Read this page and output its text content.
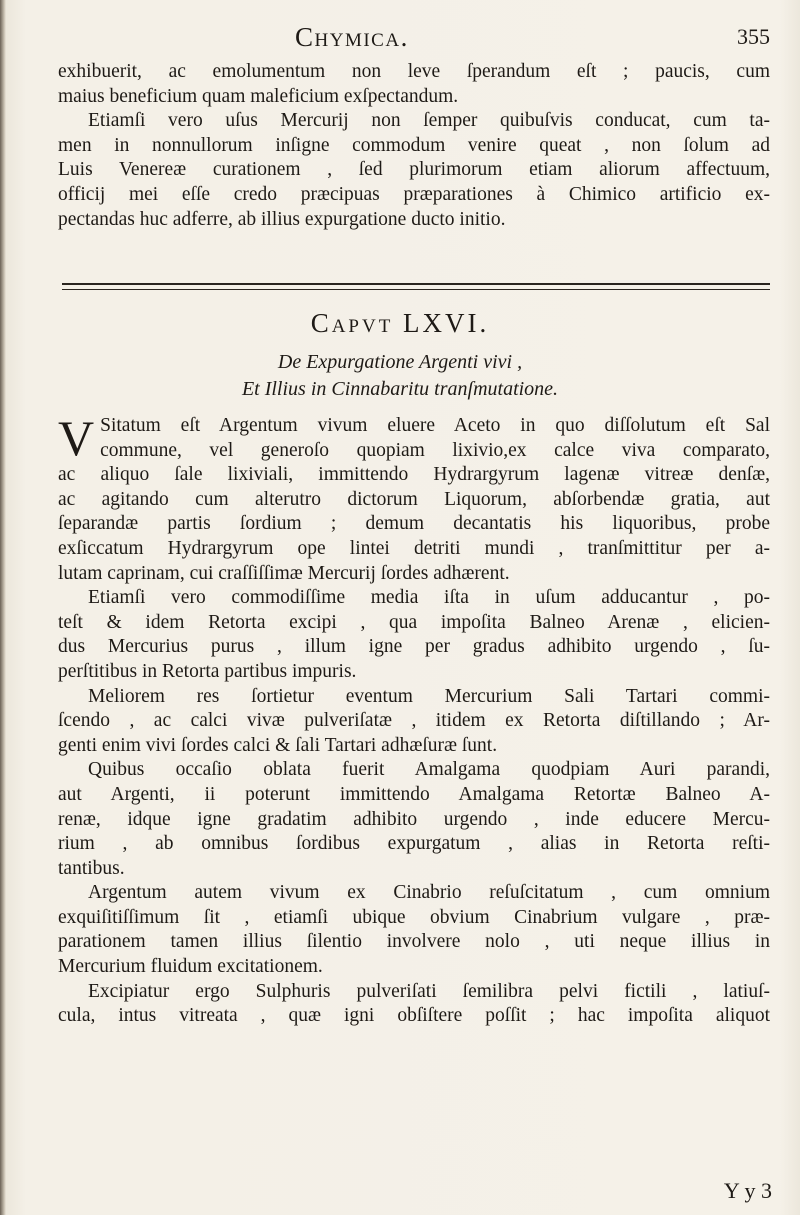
Chymica.	355
exhibuerit, ac emolumentum non leve ſperandum eſt ; paucis, cum
maius beneficium quam maleficium exſpectandum.
Etiamſi vero uſus Mercurij non ſemper quibuſvis conducat, cum ta-
men in nonnullorum inſigne commodum venire queat , non ſolum ad
Luis Venereæ curationem , ſed plurimorum etiam aliorum affectuum,
officij mei eſſe credo præcipuas præparationes à Chimico artificio ex-
pectandas huc adferre, ab illius expurgatione ducto initio.
Capvt LXVI.
De Expurgatione Argenti vivi ,
Et Illius in Cinnabaritu tranſmutatione.
V Sitatum eſt Argentum vivum eluere Aceto in quo diſſolutum eſt Sal
commune, vel generoſo quopiam lixivio,ex calce viva comparato,
ac aliquo ſale lixiviali, immittendo Hydrargyrum lagenæ vitreæ denſæ,
ac agitando cum alterutro dictorum Liquorum, abſorbendæ gratia, aut
ſeparandæ partis ſordium ; demum decantatis his liquoribus, probe
exſiccatum Hydrargyrum ope lintei detriti mundi , tranſmittitur per a-
lutam caprinam, cui craſſiſſimæ Mercurij ſordes adhærent.
Etiamſi vero commodiſſime media iſta in uſum adducantur , po-
teſt & idem Retorta excipi , qua impoſita Balneo Arenæ , elicien-
dus Mercurius purus , illum igne per gradus adhibito urgendo , ſu-
perſtitibus in Retorta partibus impuris.
Meliorem res ſortietur eventum Mercurium Sali Tartari commi-
ſcendo , ac calci vivæ pulveriſatæ , itidem ex Retorta diſtillando ; Ar-
genti enim vivi ſordes calci & ſali Tartari adhæſuræ ſunt.
Quibus occaſio oblata fuerit Amalgama quodpiam Auri parandi,
aut Argenti, ii poterunt immittendo Amalgama Retortæ Balneo A-
renæ, idque igne gradatim adhibito urgendo , inde educere Mercu-
rium , ab omnibus ſordibus expurgatum , alias in Retorta reſti-
tantibus.
Argentum autem vivum ex Cinabrio reſuſcitatum , cum omnium
exquiſitiſſimum ſit , etiamſi ubique obvium Cinabrium vulgare , præ-
parationem tamen illius ſilentio involvere nolo , uti neque illius in
Mercurium fluidum excitationem.
Excipiatur ergo Sulphuris pulveriſati ſemilibra pelvi fictili , latiuſ-
cula, intus vitreata , quæ igni obſiſtere poſſit ; hac impoſita aliquot
Y y 3
